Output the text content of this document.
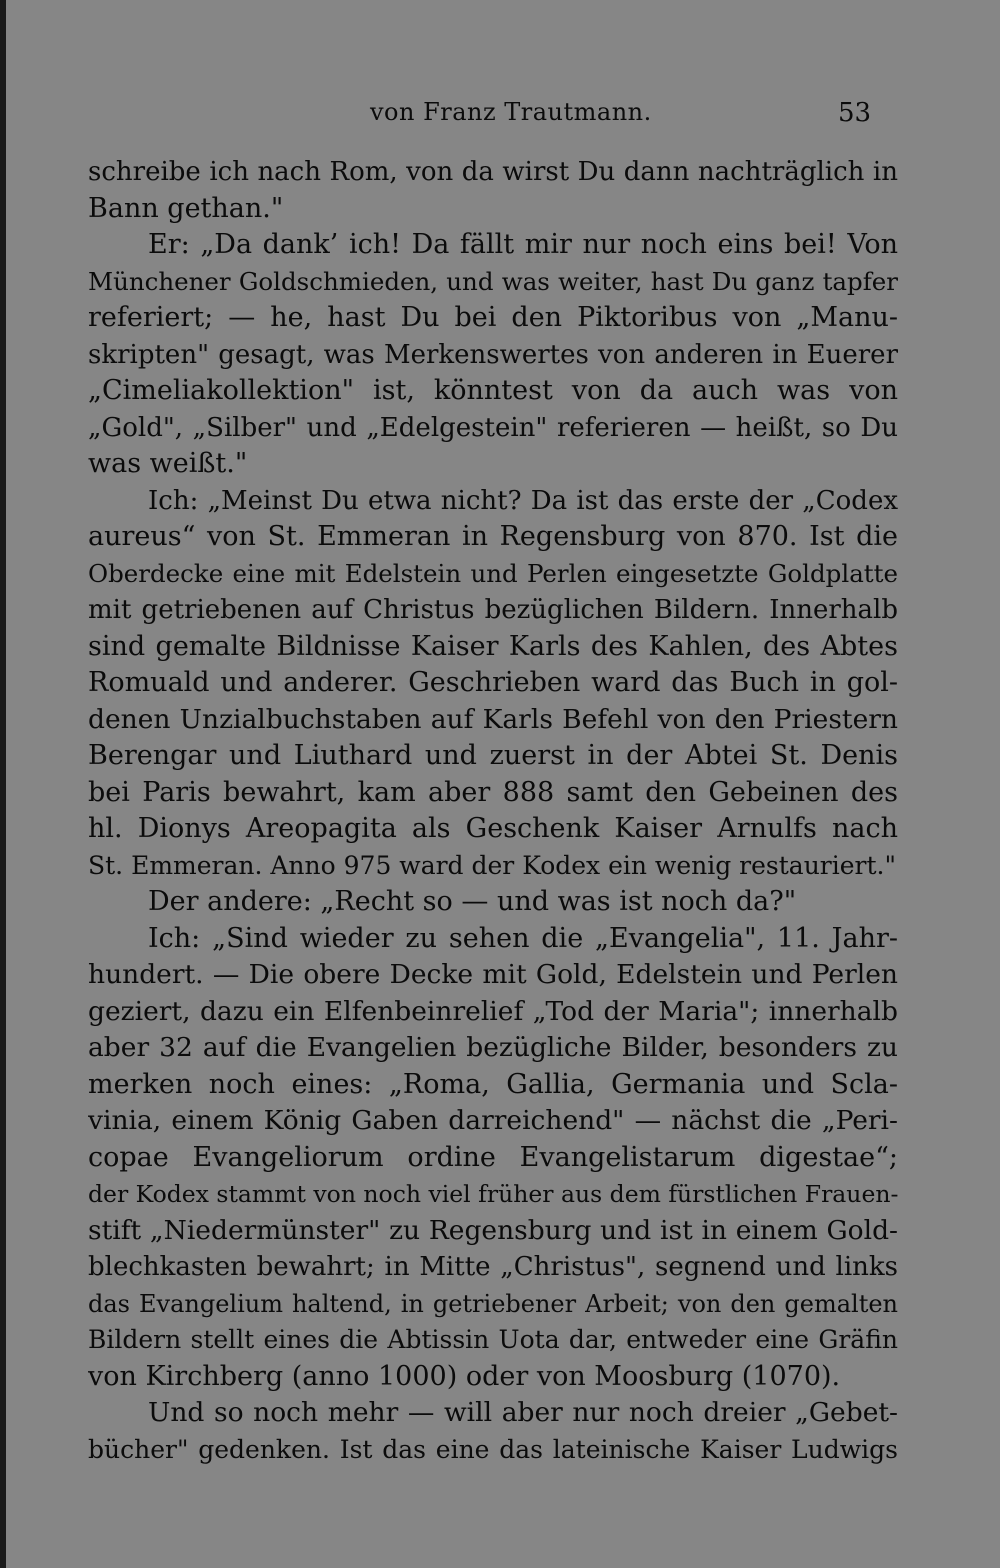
von Franz Trautmann.	53
schreibe ich nach Rom, von da wirst Du dann nachträglich in
Bann gethan."
Er: „Da dank’ ich! Da fällt mir nur noch eins bei! Von
Münchener Goldschmieden, und was weiter, hast Du ganz tapfer
referiert; — he, hast Du bei den Piktoribus von „Manu-
skripten" gesagt, was Merkenswertes von anderen in Euerer
„Cimeliakollektion" ist, könntest von da auch was von
„Gold", „Silber" und „Edelgestein" referieren — heißt, so Du
was weißt."
Ich: „Meinst Du etwa nicht? Da ist das erste der „Codex
aureus“ von St. Emmeran in Regensburg von 870. Ist die
Oberdecke eine mit Edelstein und Perlen eingesetzte Goldplatte
mit getriebenen auf Christus bezüglichen Bildern. Innerhalb
sind gemalte Bildnisse Kaiser Karls des Kahlen, des Abtes
Romuald und anderer. Geschrieben ward das Buch in gol-
denen Unzialbuchstaben auf Karls Befehl von den Priestern
Berengar und Liuthard und zuerst in der Abtei St. Denis
bei Paris bewahrt, kam aber 888 samt den Gebeinen des
hl. Dionys Areopagita als Geschenk Kaiser Arnulfs nach
St. Emmeran. Anno 975 ward der Kodex ein wenig restauriert."
Der andere: „Recht so — und was ist noch da?"
Ich: „Sind wieder zu sehen die „Evangelia", 11. Jahr-
hundert. — Die obere Decke mit Gold, Edelstein und Perlen
geziert, dazu ein Elfenbeinrelief „Tod der Maria"; innerhalb
aber 32 auf die Evangelien bezügliche Bilder, besonders zu
merken noch eines: „Roma, Gallia, Germania und Scla-
vinia, einem König Gaben darreichend" — nächst die „Peri-
copae Evangeliorum ordine Evangelistarum digestae“;
der Kodex stammt von noch viel früher aus dem fürstlichen Frauen-
stift „Niedermünster" zu Regensburg und ist in einem Gold-
blechkasten bewahrt; in Mitte „Christus", segnend und links
das Evangelium haltend, in getriebener Arbeit; von den gemalten
Bildern stellt eines die Abtissin Uota dar, entweder eine Gräfin
von Kirchberg (anno 1000) oder von Moosburg (1070).
Und so noch mehr — will aber nur noch dreier „Gebet-
bücher" gedenken. Ist das eine das lateinische Kaiser Ludwigs
